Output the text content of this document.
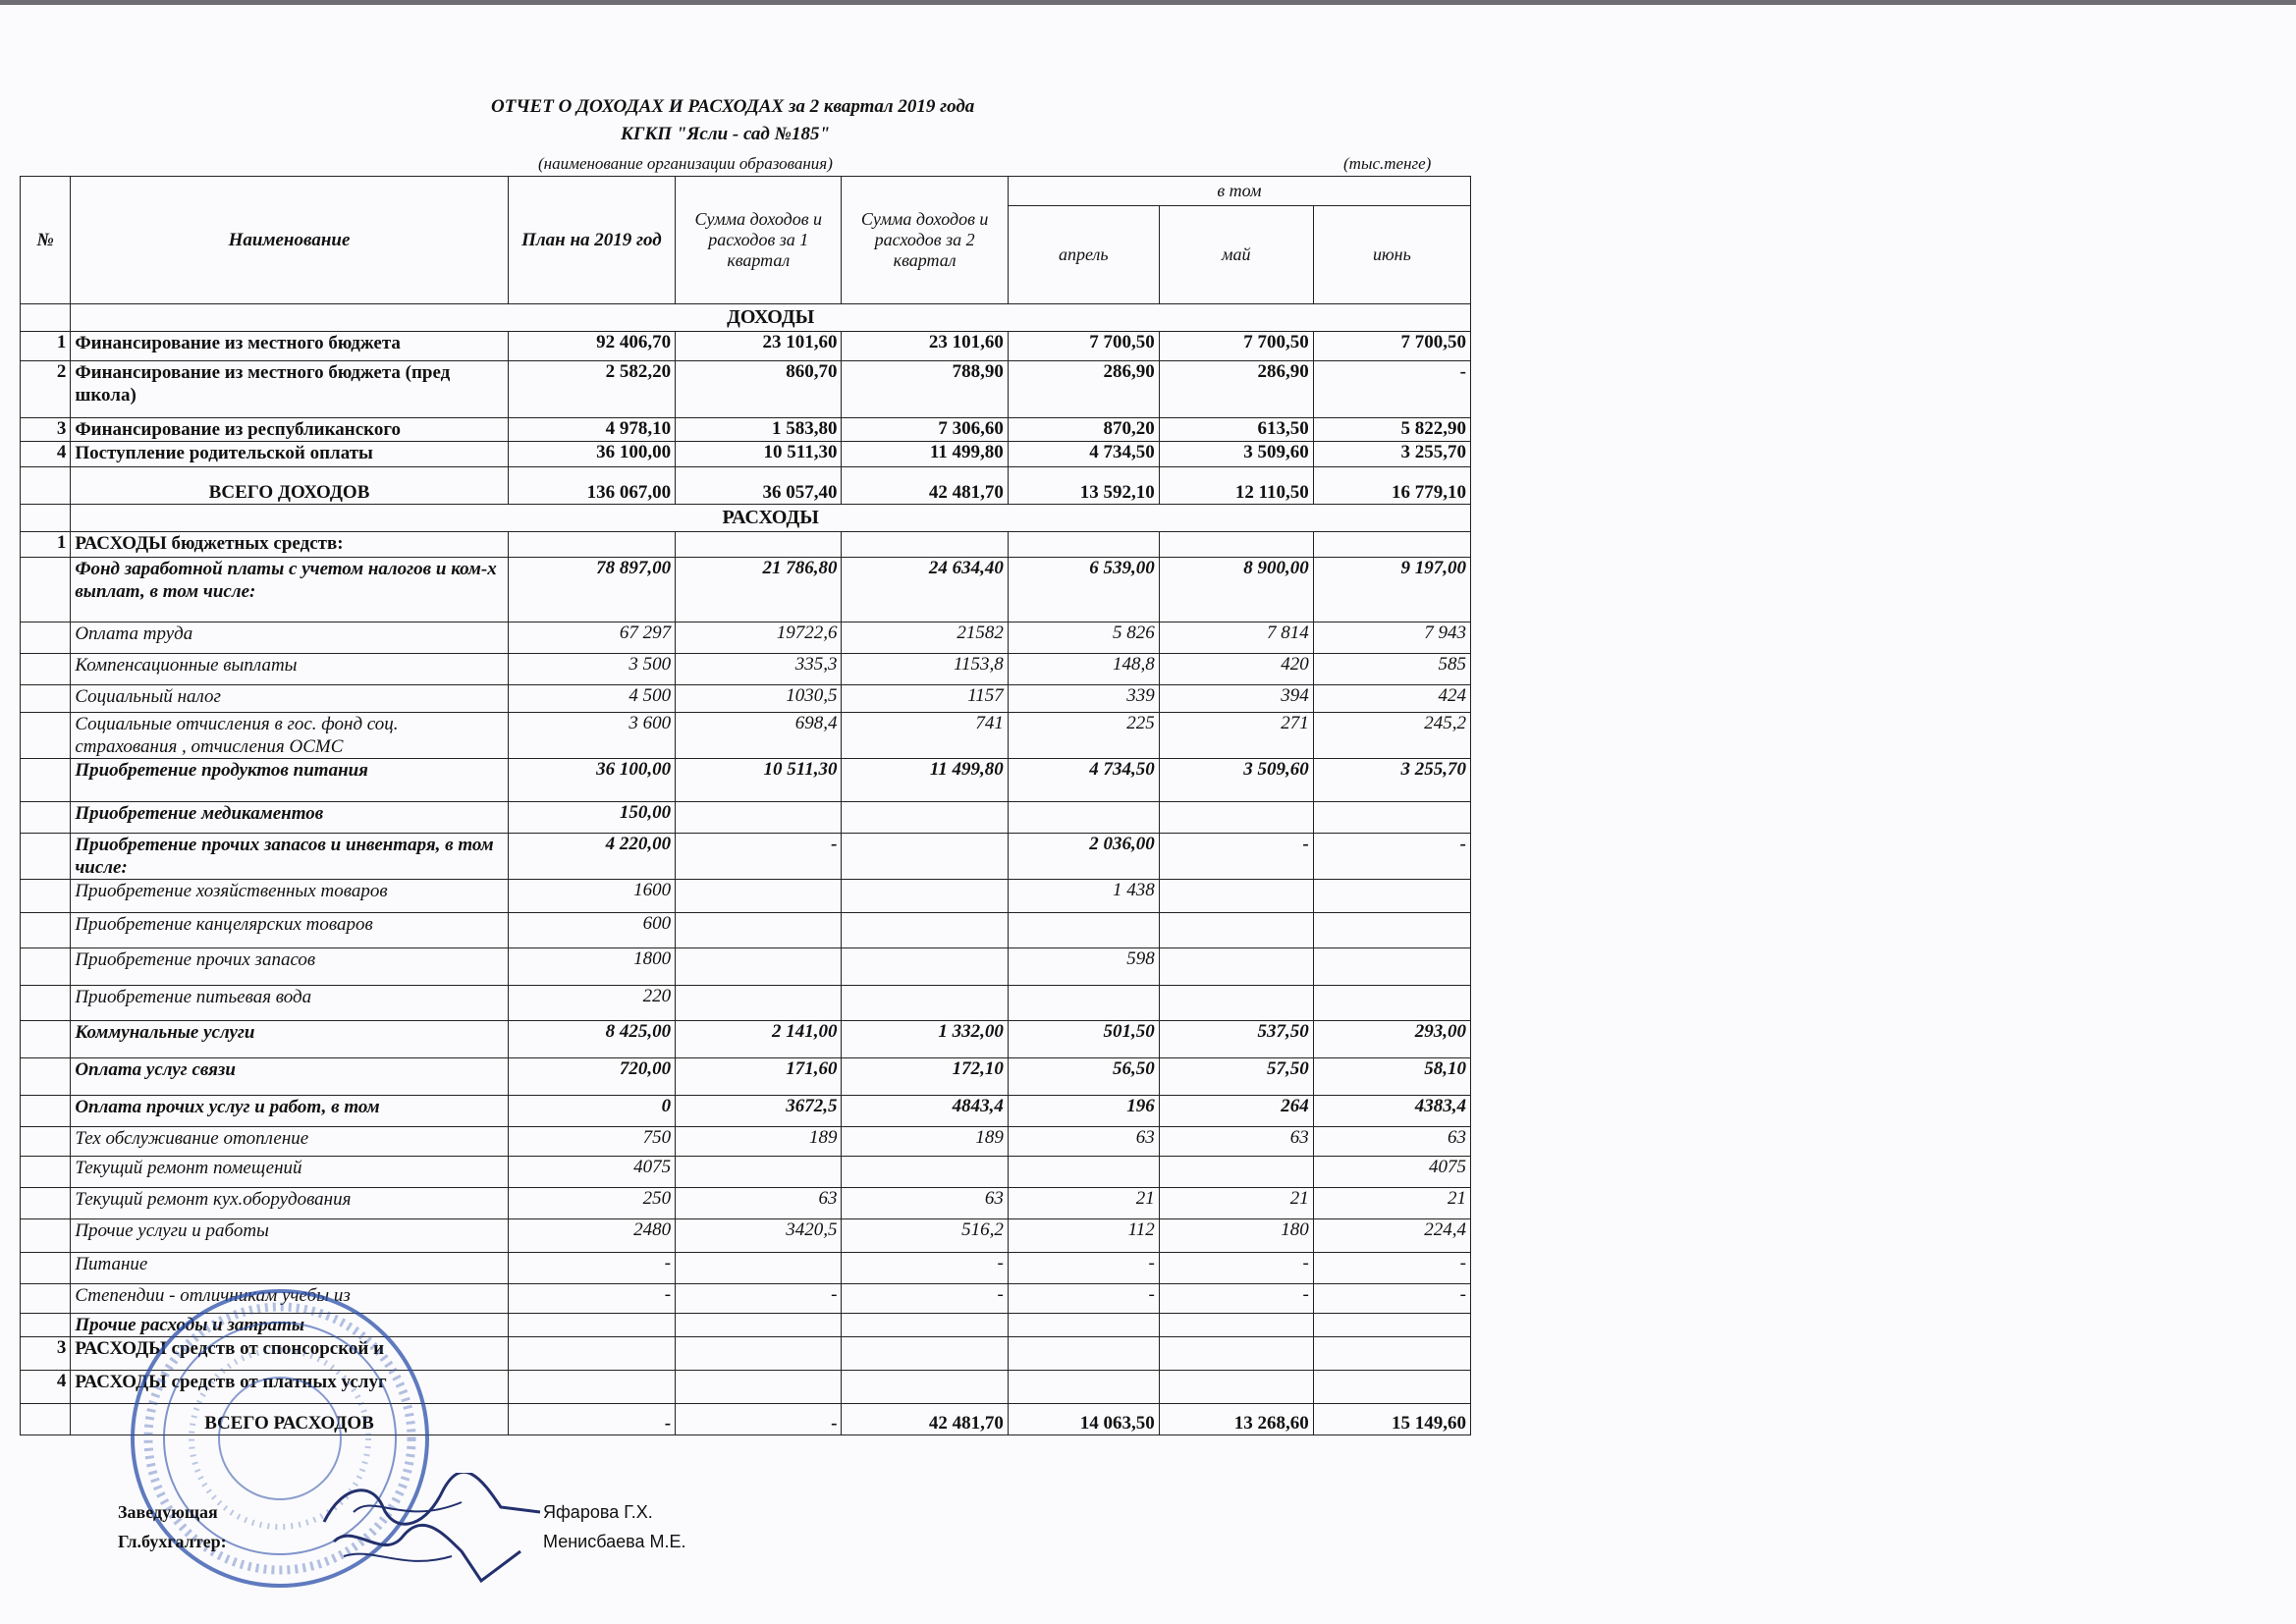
ОТЧЕТ О ДОХОДАХ И РАСХОДАХ за 2 квартал 2019 года
КГКП "Ясли - сад №185"
(наименование организации образования)	(тыс.тенге)
№	Наименование	План на 2019 год	Сумма доходов и расходов за 1 квартал	Сумма доходов и расходов за 2 квартал	в том		
					апрель	май	июнь
	ДОХОДЫ						
1	Финансирование из местного бюджета	92 406,70	23 101,60	23 101,60	7 700,50	7 700,50	7 700,50
2	Финансирование из местного бюджета (пред школа)	2 582,20	860,70	788,90	286,90	286,90	-
3	Финансирование из республиканского	4 978,10	1 583,80	7 306,60	870,20	613,50	5 822,90
4	Поступление родительской оплаты	36 100,00	10 511,30	11 499,80	4 734,50	3 509,60	3 255,70
	ВСЕГО ДОХОДОВ	136 067,00	36 057,40	42 481,70	13 592,10	12 110,50	16 779,10
	РАСХОДЫ						
1	РАСХОДЫ бюджетных средств:						
	Фонд заработной платы с учетом налогов и ком-х выплат, в том числе:	78 897,00	21 786,80	24 634,40	6 539,00	8 900,00	9 197,00
	Оплата труда	67 297	19722,6	21582	5 826	7 814	7 943
	Компенсационные выплаты	3 500	335,3	1153,8	148,8	420	585
	Социальный налог	4 500	1030,5	1157	339	394	424
	Социальные отчисления в гос. фонд соц. страхования , отчисления ОСМС	3 600	698,4	741	225	271	245,2
	Приобретение продуктов питания	36 100,00	10 511,30	11 499,80	4 734,50	3 509,60	3 255,70
	Приобретение медикаментов	150,00					
	Приобретение прочих запасов и инвентаря, в том числе:	4 220,00	-		2 036,00	-	-
	Приобретение хозяйственных товаров	1600			1 438		
	Приобретение канцелярских товаров	600					
	Приобретение прочих запасов	1800			598		
	Приобретение питьевая вода	220					
	Коммунальные услуги	8 425,00	2 141,00	1 332,00	501,50	537,50	293,00
	Оплата услуг связи	720,00	171,60	172,10	56,50	57,50	58,10
	Оплата прочих услуг и работ, в том	0	3672,5	4843,4	196	264	4383,4
	Тех обслуживание отопление	750	189	189	63	63	63
	Текущий ремонт помещений	4075					4075
	Текущий ремонт кух.оборудования	250	63	63	21	21	21
	Прочие услуги и работы	2480	3420,5	516,2	112	180	224,4
	Питание	-		-	-	-	-
	Степендии - отличникам учебы из	-	-	-	-	-	-
	Прочие расходы и затраты						
3	РАСХОДЫ средств от спонсорской и						
4	РАСХОДЫ средств от платных услуг						
	ВСЕГО РАСХОДОВ	-	-	42 481,70	14 063,50	13 268,60	15 149,60
Заведующая	Яфарова Г.Х.
Гл.бухгалтер:	Менисбаева М.Е.
